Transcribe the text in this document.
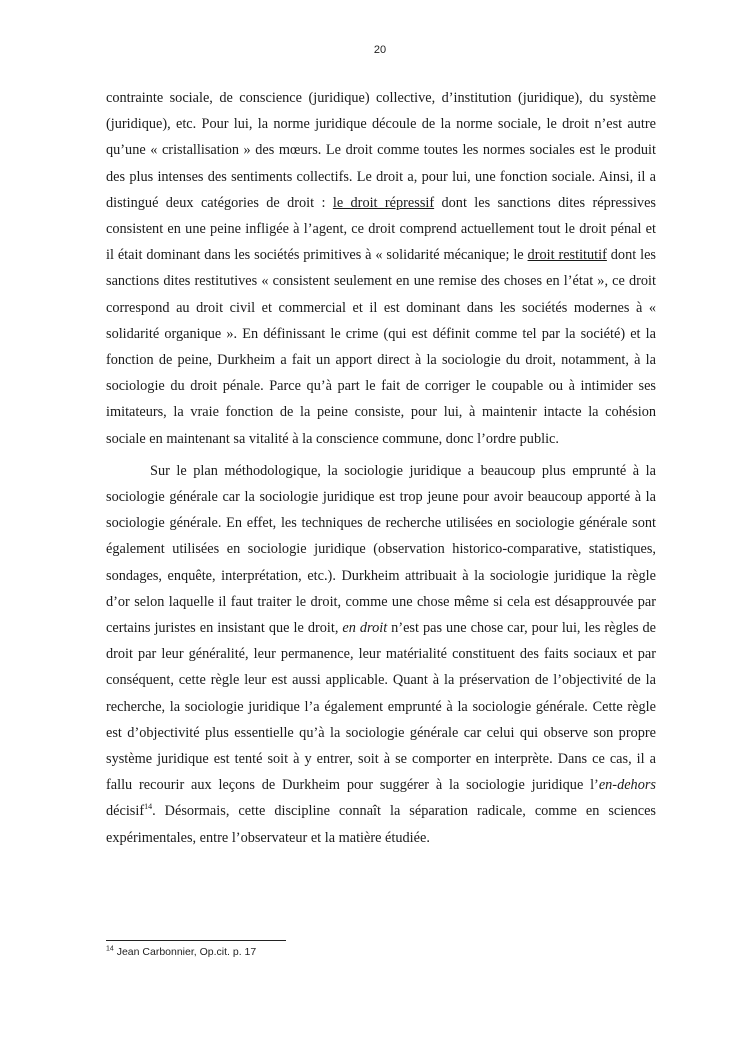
20

contrainte sociale, de conscience (juridique) collective, d’institution (juridique), du système (juridique), etc. Pour lui, la norme juridique découle de la norme sociale, le droit n’est autre qu’une « cristallisation » des mœurs. Le droit comme toutes les normes sociales est le produit des plus intenses des sentiments collectifs. Le droit a, pour lui, une fonction sociale. Ainsi, il a distingué deux catégories de droit : le droit répressif dont les sanctions dites répressives consistent en une peine infligée à l’agent, ce droit comprend actuellement tout le droit pénal et il était dominant dans les sociétés primitives à « solidarité mécanique; le droit restitutif dont les sanctions dites restitutives « consistent seulement en une remise des choses en l’état », ce droit correspond au droit civil et commercial et il est dominant dans les sociétés modernes à « solidarité organique ». En définissant le crime (qui est définit comme tel par la société) et la fonction de peine, Durkheim a fait un apport direct à la sociologie du droit, notamment, à la sociologie du droit pénale. Parce qu’à part le fait de corriger le coupable ou à intimider ses imitateurs, la vraie fonction de la peine consiste, pour lui, à maintenir intacte la cohésion sociale en maintenant sa vitalité à la conscience commune, donc l’ordre public.

Sur le plan méthodologique, la sociologie juridique a beaucoup plus emprunté à la sociologie générale car la sociologie juridique est trop jeune pour avoir beaucoup apporté à la sociologie générale. En effet, les techniques de recherche utilisées en sociologie générale sont également utilisées en sociologie juridique (observation historico-comparative, statistiques, sondages, enquête, interprétation, etc.). Durkheim attribuait à la sociologie juridique la règle d’or selon laquelle il faut traiter le droit, comme une chose même si cela est désapprouvée par certains juristes en insistant que le droit, en droit n’est pas une chose car, pour lui, les règles de droit par leur généralité, leur permanence, leur matérialité constituent des faits sociaux et par conséquent, cette règle leur est aussi applicable. Quant à la préservation de l’objectivité de la recherche, la sociologie juridique l’a également emprunté à la sociologie générale. Cette règle est d’objectivité plus essentielle qu’à la sociologie générale car celui qui observe son propre système juridique est tenté soit à y entrer, soit à se comporter en interprète. Dans ce cas, il a fallu recourir aux leçons de Durkheim pour suggérer à la sociologie juridique l’en-dehors décisif$^{14}$. Désormais, cette discipline connaît la séparation radicale, comme en sciences expérimentales, entre l’observateur et la matière étudiée.

$^{14}$ Jean Carbonnier, Op.cit. p. 17
